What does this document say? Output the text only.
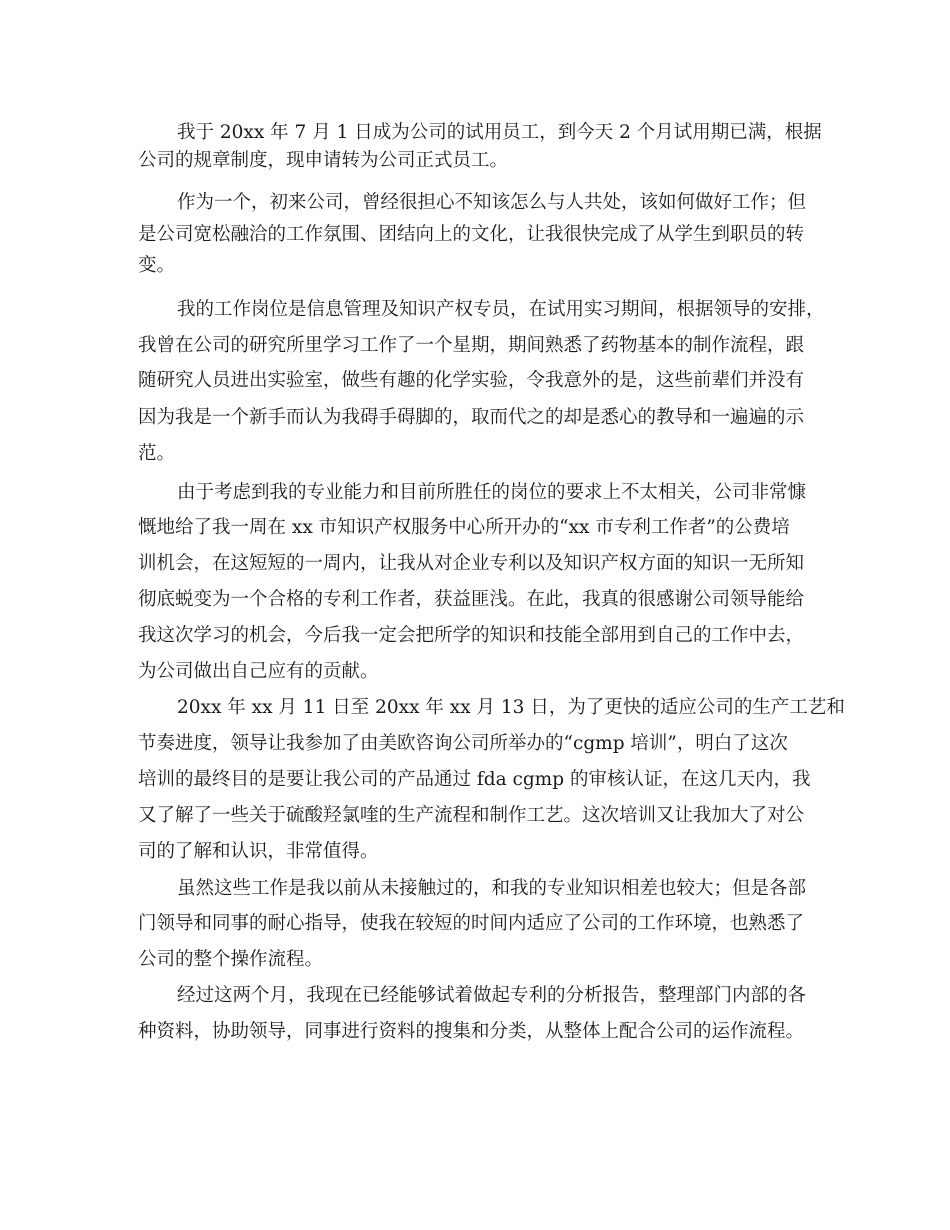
我于 20xx 年 7 月 1 日成为公司的试用员工，到今天 2 个月试用期已满，根据

公司的规章制度，现申请转为公司正式员工。

作为一个，初来公司，曾经很担心不知该怎么与人共处，该如何做好工作；但

是公司宽松融洽的工作氛围、团结向上的文化，让我很快完成了从学生到职员的转

变。

我的工作岗位是信息管理及知识产权专员，在试用实习期间，根据领导的安排，

我曾在公司的研究所里学习工作了一个星期，期间熟悉了药物基本的制作流程，跟

随研究人员进出实验室，做些有趣的化学实验，令我意外的是，这些前辈们并没有

因为我是一个新手而认为我碍手碍脚的，取而代之的却是悉心的教导和一遍遍的示

范。

由于考虑到我的专业能力和目前所胜任的岗位的要求上不太相关，公司非常慷

慨地给了我一周在 xx 市知识产权服务中心所开办的“xx 市专利工作者”的公费培

训机会，在这短短的一周内，让我从对企业专利以及知识产权方面的知识一无所知

彻底蜕变为一个合格的专利工作者，获益匪浅。在此，我真的很感谢公司领导能给

我这次学习的机会，今后我一定会把所学的知识和技能全部用到自己的工作中去，

为公司做出自己应有的贡献。

20xx 年 xx 月 11 日至 20xx 年 xx 月 13 日，为了更快的适应公司的生产工艺和

节奏进度，领导让我参加了由美欧咨询公司所举办的“cgmp 培训”，明白了这次

培训的最终目的是要让我公司的产品通过 fda cgmp 的审核认证，在这几天内，我

又了解了一些关于硫酸羟氯喹的生产流程和制作工艺。这次培训又让我加大了对公

司的了解和认识，非常值得。

虽然这些工作是我以前从未接触过的，和我的专业知识相差也较大；但是各部

门领导和同事的耐心指导，使我在较短的时间内适应了公司的工作环境，也熟悉了

公司的整个操作流程。

经过这两个月，我现在已经能够试着做起专利的分析报告，整理部门内部的各

种资料，协助领导，同事进行资料的搜集和分类，从整体上配合公司的运作流程。
